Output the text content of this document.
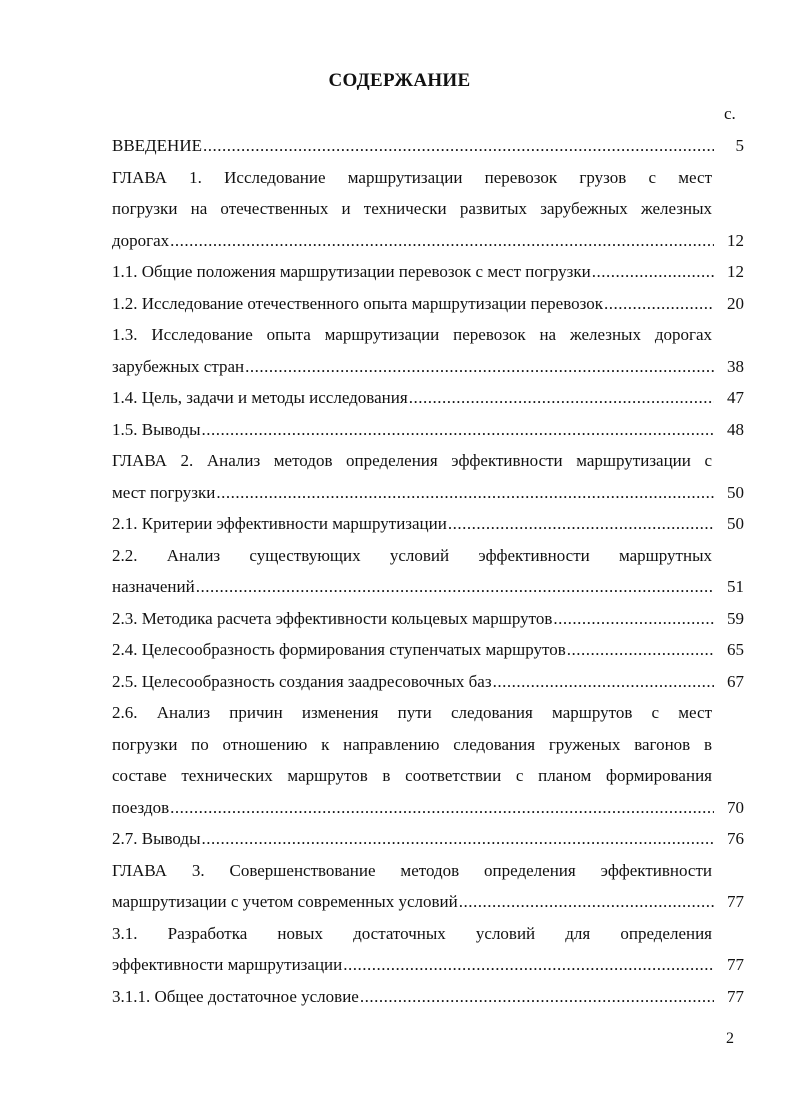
СОДЕРЖАНИЕ
с.
ВВЕДЕНИЕ .....	5
ГЛАВА 1. Исследование маршрутизации перевозок грузов с мест
погрузки на отечественных и технически развитых зарубежных железных
дорогах .....	12
1.1. Общие положения маршрутизации перевозок с мест погрузки .....	12
1.2. Исследование отечественного опыта маршрутизации перевозок .....	20
1.3. Исследование опыта маршрутизации перевозок на железных дорогах
зарубежных стран .....	38
1.4. Цель, задачи и методы исследования .....	47
1.5. Выводы .....	48
ГЛАВА 2. Анализ методов определения эффективности маршрутизации с
мест погрузки .....	50
2.1. Критерии эффективности маршрутизации .....	50
2.2. Анализ существующих условий эффективности маршрутных
назначений .....	51
2.3. Методика расчета эффективности кольцевых маршрутов .....	59
2.4. Целесообразность формирования ступенчатых маршрутов .....	65
2.5. Целесообразность создания заадресовочных баз .....	67
2.6. Анализ причин изменения пути следования маршрутов с мест
погрузки по отношению к направлению следования груженых вагонов в
составе технических маршрутов в соответствии с планом формирования
поездов .....	70
2.7. Выводы .....	76
ГЛАВА 3. Совершенствование методов определения эффективности
маршрутизации с учетом современных условий .....	77
3.1. Разработка новых достаточных условий для определения
эффективности маршрутизации .....	77
3.1.1. Общее достаточное условие .....	77
2
